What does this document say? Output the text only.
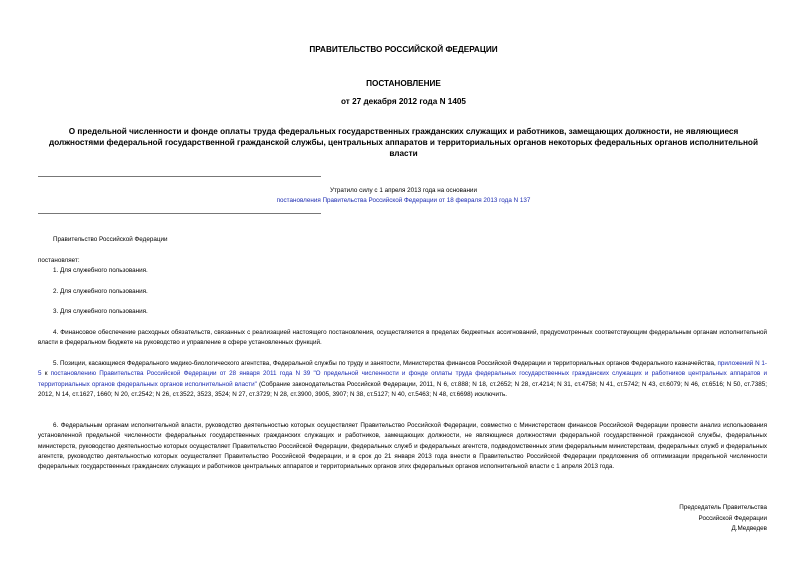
ПРАВИТЕЛЬСТВО РОССИЙСКОЙ ФЕДЕРАЦИИ
ПОСТАНОВЛЕНИЕ
от 27 декабря 2012 года N 1405
О предельной численности и фонде оплаты труда федеральных государственных гражданских служащих и работников, замещающих должности, не являющиеся должностями федеральной государственной гражданской службы, центральных аппаратов и территориальных органов некоторых федеральных органов исполнительной власти
Утратило силу с 1 апреля 2013 года на основании
постановления Правительства Российской Федерации от 18 февраля 2013 года N 137
Правительство Российской Федерации
постановляет:
1. Для служебного пользования.
2. Для служебного пользования.
3. Для служебного пользования.
4. Финансовое обеспечение расходных обязательств, связанных с реализацией настоящего постановления, осуществляется в пределах бюджетных ассигнований, предусмотренных соответствующим федеральным органам исполнительной власти в федеральном бюджете на руководство и управление в сфере установленных функций.
5. Позиции, касающиеся Федерального медико-биологического агентства, Федеральной службы по труду и занятости, Министерства финансов Российской Федерации и территориальных органов Федерального казначейства, приложений N 1-5 к постановлению Правительства Российской Федерации от 28 января 2011 года N 39 "О предельной численности и фонде оплаты труда федеральных государственных гражданских служащих и работников центральных аппаратов и территориальных органов федеральных органов исполнительной власти" (Собрание законодательства Российской Федерации, 2011, N 6, ст.888; N 18, ст.2652; N 28, ст.4214; N 31, ст.4758; N 41, ст.5742; N 43, ст.6079; N 46, ст.6516; N 50, ст.7385; 2012, N 14, ст.1627, 1660; N 20, ст.2542; N 26, ст.3522, 3523, 3524; N 27, ст.3729; N 28, ст.3900, 3905, 3907; N 38, ст.5127; N 40, ст.5463; N 48, ст.6698) исключить.
6. Федеральным органам исполнительной власти, руководство деятельностью которых осуществляет Правительство Российской Федерации, совместно с Министерством финансов Российской Федерации провести анализ использования установленной предельной численности федеральных государственных гражданских служащих и работников, замещающих должности, не являющиеся должностями федеральной государственной гражданской службы, федеральных министерств, руководство деятельностью которых осуществляет Правительство Российской Федерации, федеральных служб и федеральных агентств, подведомственных этим федеральным министерствам, федеральных служб и федеральных агентств, руководство деятельностью которых осуществляет Правительство Российской Федерации, и в срок до 21 января 2013 года внести в Правительство Российской Федерации предложения об оптимизации предельной численности федеральных государственных гражданских служащих и работников центральных аппаратов и территориальных органов этих федеральных органов исполнительной власти с 1 апреля 2013 года.
Председатель Правительства
Российской Федерации
Д.Медведев
